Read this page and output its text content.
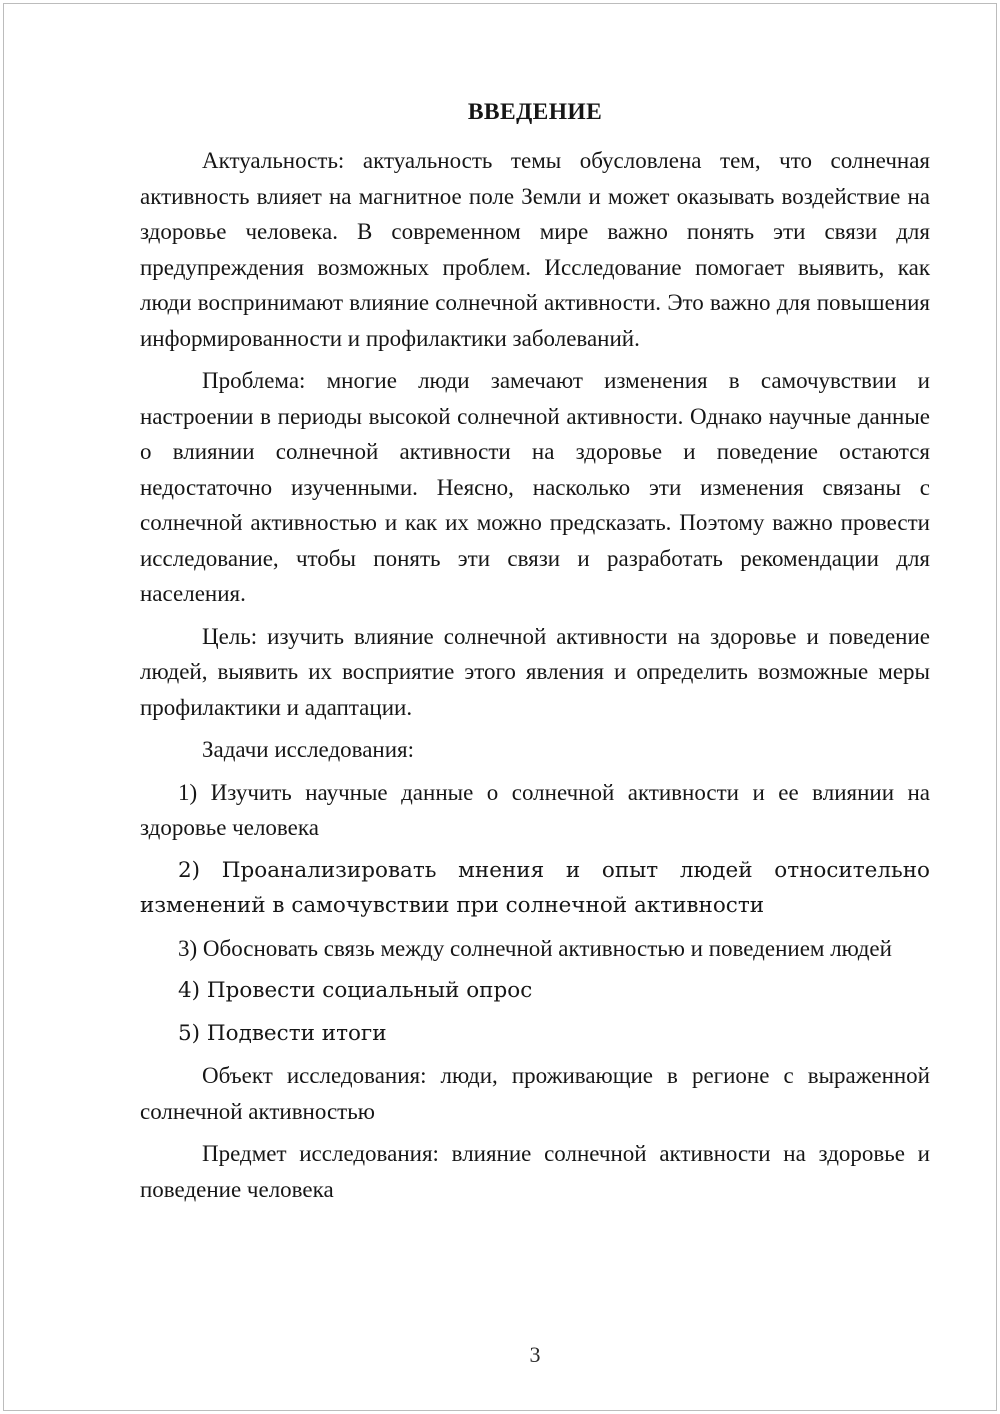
ВВЕДЕНИЕ

Актуальность: актуальность темы обусловлена тем, что солнечная активность влияет на магнитное поле Земли и может оказывать воздействие на здоровье человека. В современном мире важно понять эти связи для предупреждения возможных проблем. Исследование помогает выявить, как люди воспринимают влияние солнечной активности. Это важно для повышения информированности и профилактики заболеваний.

Проблема: многие люди замечают изменения в самочувствии и настроении в периоды высокой солнечной активности. Однако научные данные о влиянии солнечной активности на здоровье и поведение остаются недостаточно изученными. Неясно, насколько эти изменения связаны с солнечной активностью и как их можно предсказать. Поэтому важно провести исследование, чтобы понять эти связи и разработать рекомендации для населения.

Цель: изучить влияние солнечной активности на здоровье и поведение людей, выявить их восприятие этого явления и определить возможные меры профилактики и адаптации.

Задачи исследования:

1) Изучить научные данные о солнечной активности и ее влиянии на здоровье человека

2) Проанализировать мнения и опыт людей относительно изменений в самочувствии при солнечной активности

3) Обосновать связь между солнечной активностью и поведением людей

4) Провести социальный опрос

5) Подвести итоги

Объект исследования: люди, проживающие в регионе с выраженной солнечной активностью

Предмет исследования: влияние солнечной активности на здоровье и поведение человека

3
